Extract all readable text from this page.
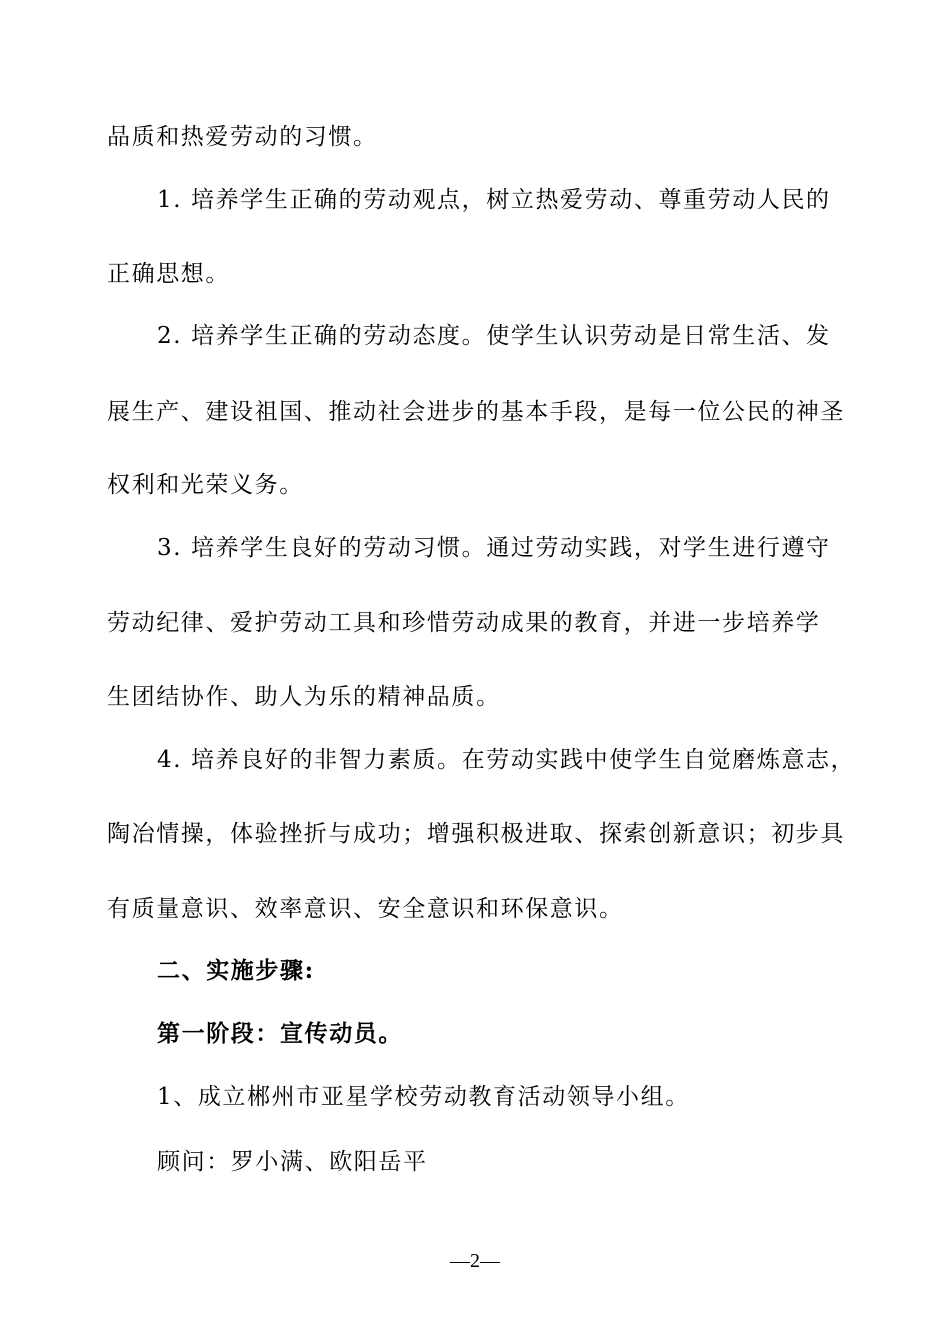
品质和热爱劳动的习惯。
1. 培养学生正确的劳动观点，树立热爱劳动、尊重劳动人民的
正确思想。
2. 培养学生正确的劳动态度。使学生认识劳动是日常生活、发
展生产、建设祖国、推动社会进步的基本手段，是每一位公民的神圣
权利和光荣义务。
3. 培养学生良好的劳动习惯。通过劳动实践，对学生进行遵守
劳动纪律、爱护劳动工具和珍惜劳动成果的教育，并进一步培养学
生团结协作、助人为乐的精神品质。
4. 培养良好的非智力素质。在劳动实践中使学生自觉磨炼意志，
陶冶情操，体验挫折与成功；增强积极进取、探索创新意识；初步具
有质量意识、效率意识、安全意识和环保意识。
二、实施步骤:
第一阶段：宣传动员。
1、成立郴州市亚星学校劳动教育活动领导小组。
顾问：罗小满、欧阳岳平
—2—
